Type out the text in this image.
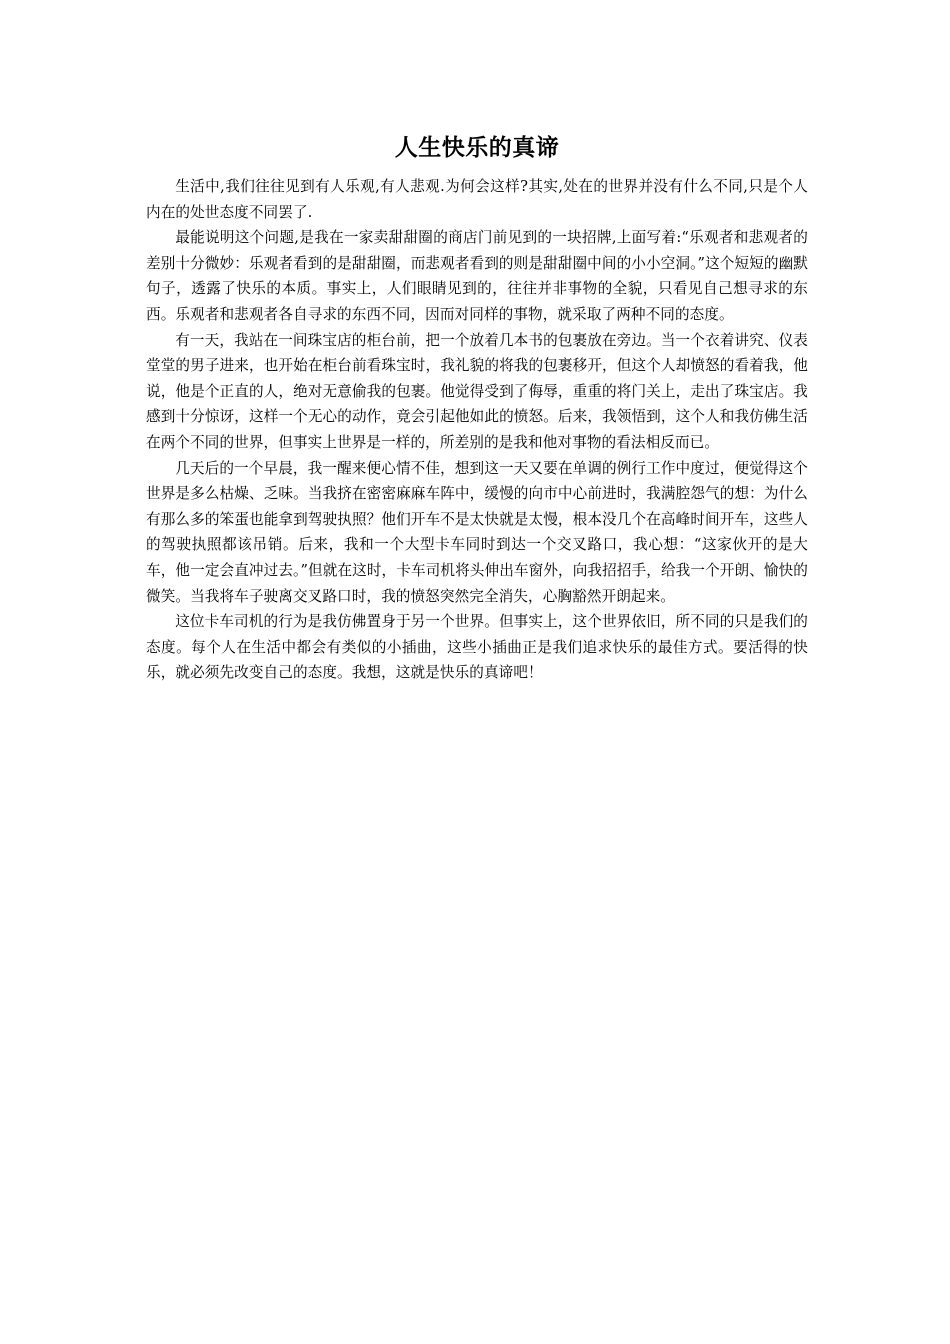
人生快乐的真谛

生活中,我们往往见到有人乐观,有人悲观.为何会这样?其实,处在的世界并没有什么不同,只是个人内在的处世态度不同罢了.

最能说明这个问题,是我在一家卖甜甜圈的商店门前见到的一块招牌,上面写着:“乐观者和悲观者的差别十分微妙：乐观者看到的是甜甜圈，而悲观者看到的则是甜甜圈中间的小小空洞。”这个短短的幽默句子，透露了快乐的本质。事实上，人们眼睛见到的，往往并非事物的全貌，只看见自己想寻求的东西。乐观者和悲观者各自寻求的东西不同，因而对同样的事物，就采取了两种不同的态度。

有一天，我站在一间珠宝店的柜台前，把一个放着几本书的包裹放在旁边。当一个衣着讲究、仪表堂堂的男子进来，也开始在柜台前看珠宝时，我礼貌的将我的包裹移开，但这个人却愤怒的看着我，他说，他是个正直的人，绝对无意偷我的包裹。他觉得受到了侮辱，重重的将门关上，走出了珠宝店。我感到十分惊讶，这样一个无心的动作，竟会引起他如此的愤怒。后来，我领悟到，这个人和我仿佛生活在两个不同的世界，但事实上世界是一样的，所差别的是我和他对事物的看法相反而已。

几天后的一个早晨，我一醒来便心情不佳，想到这一天又要在单调的例行工作中度过，便觉得这个世界是多么枯燥、乏味。当我挤在密密麻麻车阵中，缓慢的向市中心前进时，我满腔怨气的想：为什么有那么多的笨蛋也能拿到驾驶执照？他们开车不是太快就是太慢，根本没几个在高峰时间开车，这些人的驾驶执照都该吊销。后来，我和一个大型卡车同时到达一个交叉路口，我心想：“这家伙开的是大车，他一定会直冲过去。”但就在这时，卡车司机将头伸出车窗外，向我招招手，给我一个开朗、愉快的微笑。当我将车子驶离交叉路口时，我的愤怒突然完全消失，心胸豁然开朗起来。

这位卡车司机的行为是我仿佛置身于另一个世界。但事实上，这个世界依旧，所不同的只是我们的态度。每个人在生活中都会有类似的小插曲，这些小插曲正是我们追求快乐的最佳方式。要活得的快乐，就必须先改变自己的态度。我想，这就是快乐的真谛吧！
